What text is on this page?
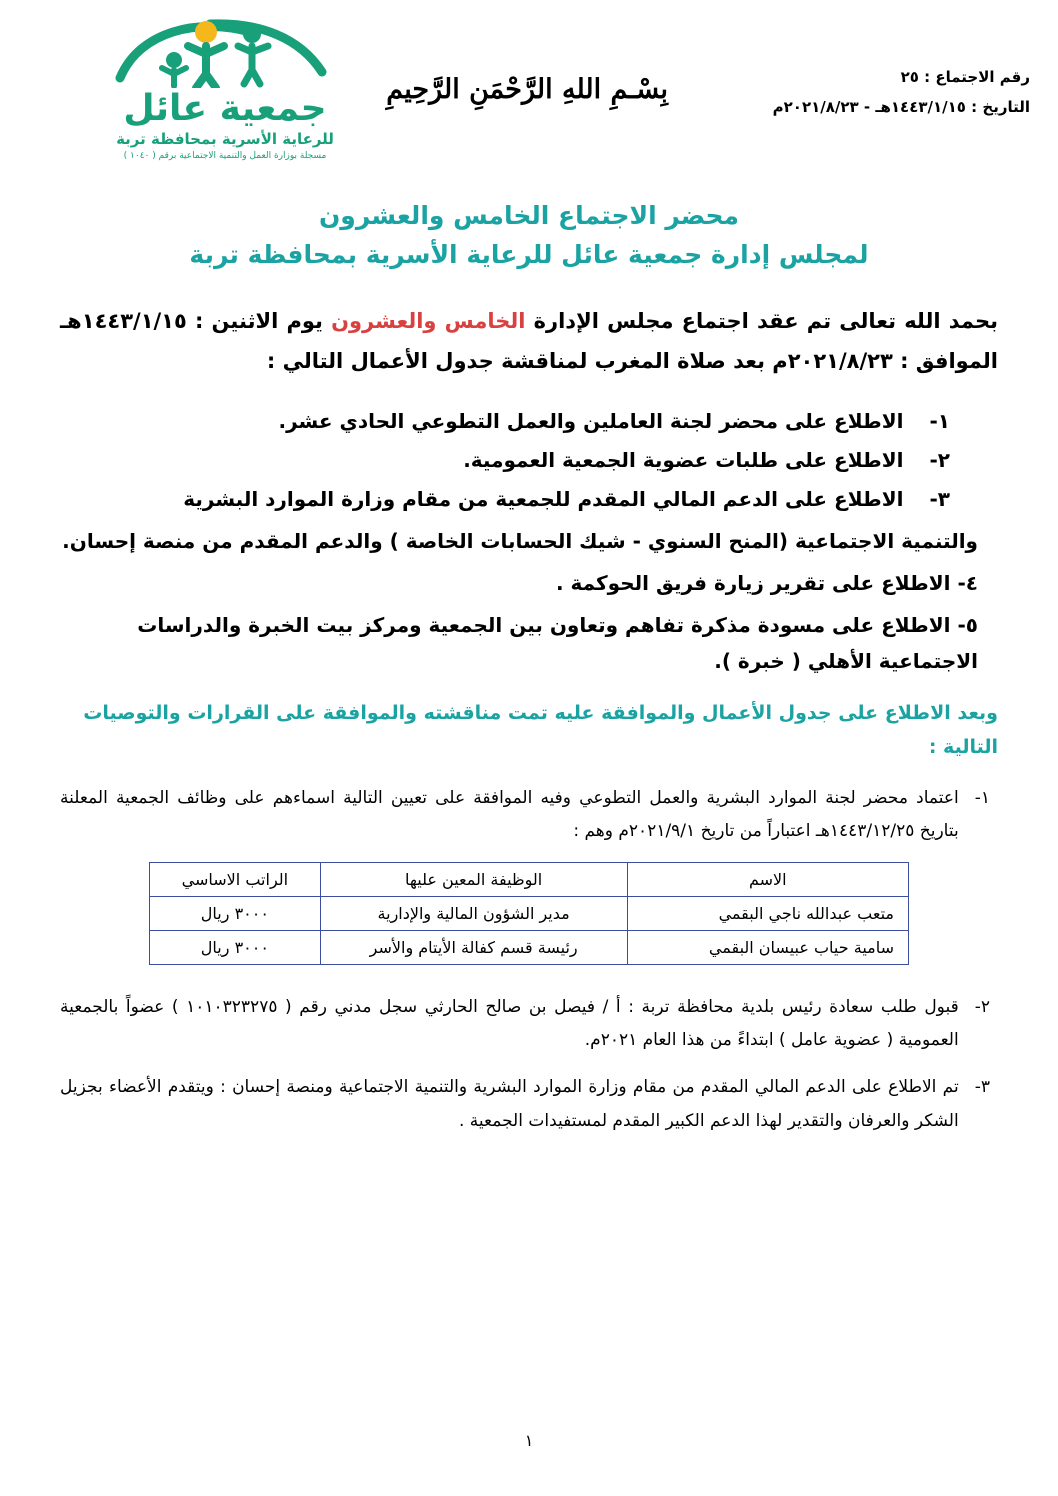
رقم الاجتماع : ٢٥
التاريخ : ١٤٤٣/١/١٥هـ - ٢٠٢١/٨/٢٣م
بِسْـمِ اللهِ الرَّحْمَنِ الرَّحِيمِ
جمعية عائل
للرعاية الأسرية بمحافظة تربة
مسجلة بوزارة العمل والتنمية الاجتماعية برقم ( ١٠٤٠ )
محضر الاجتماع الخامس والعشرون
لمجلس إدارة جمعية عائل للرعاية الأسرية بمحافظة تربة

بحمد الله تعالى تم عقد اجتماع مجلس الإدارة الخامس والعشرون يوم الاثنين : ١٤٤٣/١/١٥هـ الموافق : ٢٠٢١/٨/٢٣م بعد صلاة المغرب لمناقشة جدول الأعمال التالي :

١-
الاطلاع على محضر لجنة العاملين والعمل التطوعي الحادي عشر.
٢-
الاطلاع على طلبات عضوية الجمعية العمومية.
٣-
الاطلاع على الدعم المالي المقدم للجمعية من مقام وزارة الموارد البشرية
والتنمية الاجتماعية (المنح السنوي - شيك الحسابات الخاصة ) والدعم المقدم من منصة إحسان.
٤- الاطلاع على تقرير زيارة فريق الحوكمة .
٥- الاطلاع على مسودة مذكرة تفاهم وتعاون بين الجمعية ومركز بيت الخبرة والدراسات الاجتماعية الأهلي ( خبرة ).
وبعد الاطلاع على جدول الأعمال والموافقة عليه تمت مناقشته والموافقة على القرارات والتوصيات التالية :
١-
اعتماد محضر لجنة الموارد البشرية والعمل التطوعي وفيه الموافقة على تعيين التالية اسماءهم على وظائف الجمعية المعلنة بتاريخ ١٤٤٣/١٢/٢٥هـ اعتباراً من تاريخ ٢٠٢١/٩/١م وهم :
الاسم	الوظيفة المعين عليها	الراتب الاساسي
متعب عبدالله ناجي البقمي	مدير الشؤون المالية والإدارية	٣٠٠٠ ريال
سامية حياب عبيسان البقمي	رئيسة قسم كفالة الأيتام والأسر	٣٠٠٠ ريال
٢-
قبول طلب سعادة رئيس بلدية محافظة تربة : أ / فيصل بن صالح الحارثي سجل مدني رقم ( ١٠١٠٣٢٣٢٧٥ ) عضواً بالجمعية العمومية ( عضوية عامل ) ابتداءً من هذا العام ٢٠٢١م.
٣-
تم الاطلاع على الدعم المالي المقدم من مقام وزارة الموارد البشرية والتنمية الاجتماعية ومنصة إحسان : ويتقدم الأعضاء بجزيل الشكر والعرفان والتقدير لهذا الدعم الكبير المقدم لمستفيدات الجمعية .
١
